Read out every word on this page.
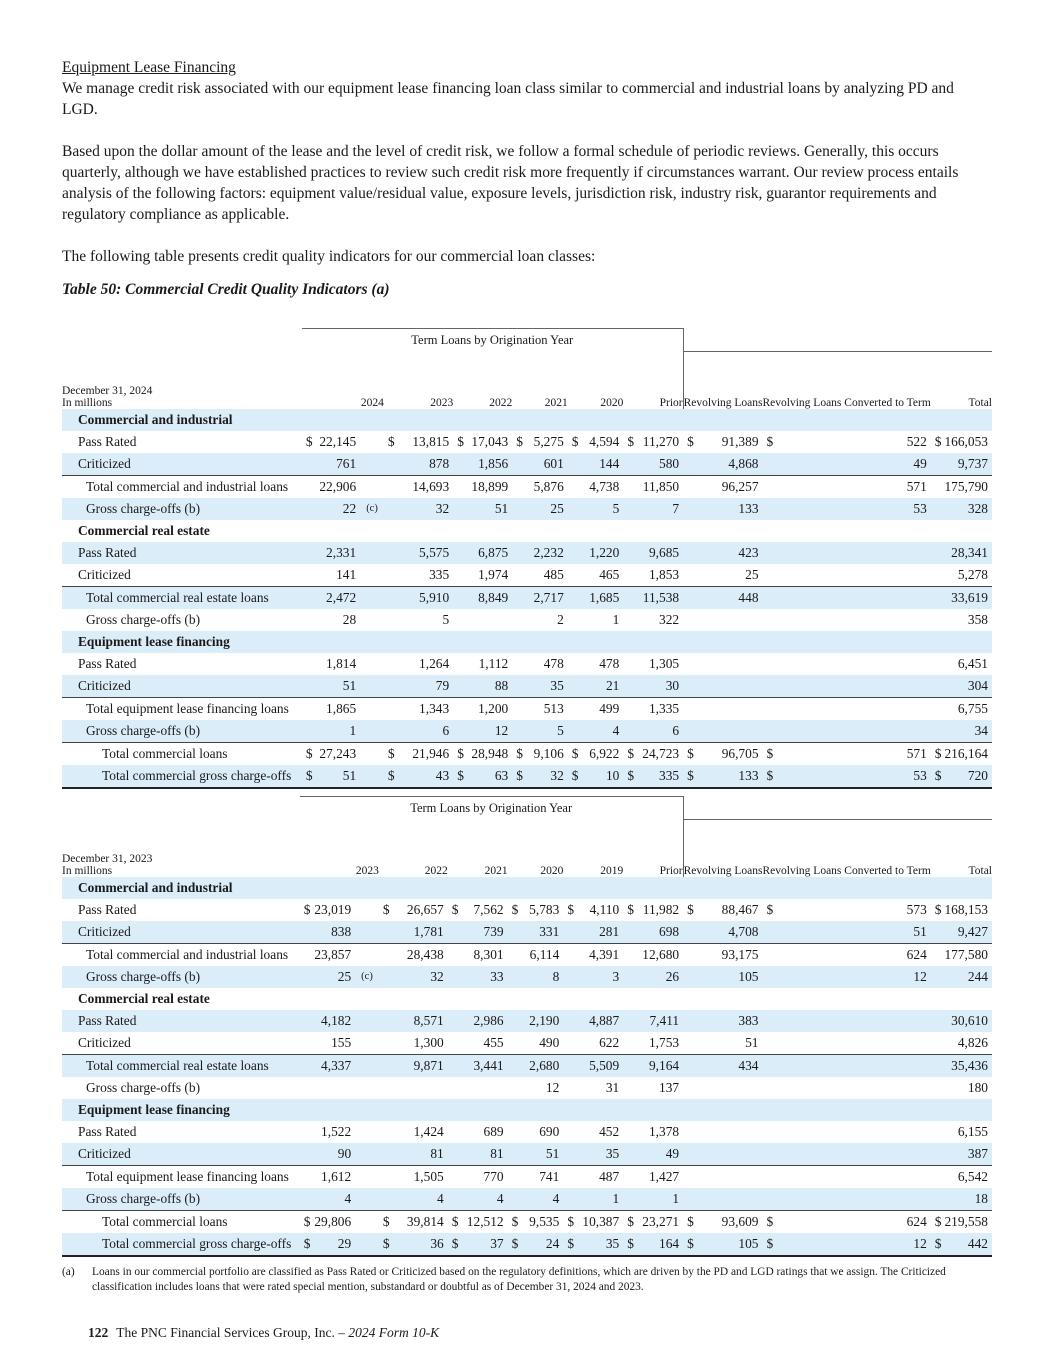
Equipment Lease Financing

We manage credit risk associated with our equipment lease financing loan class similar to commercial and industrial loans by analyzing PD and LGD.

Based upon the dollar amount of the lease and the level of credit risk, we follow a formal schedule of periodic reviews. Generally, this occurs quarterly, although we have established practices to review such credit risk more frequently if circumstances warrant. Our review process entails analysis of the following factors: equipment value/residual value, exposure levels, jurisdiction risk, industry risk, guarantor requirements and regulatory compliance as applicable.

The following table presents credit quality indicators for our commercial loan classes:

Table 50: Commercial Credit Quality Indicators (a)
	Term Loans by Origination Year																		

December 31, 2024
In millions	2024			2023		2022		2021		2020		Prior		Revolving Loans		Revolving Loans Converted to Term		Total	
Commercial and industrial																			
Pass Rated	$	22,145		$	13,815	$	17,043	$	5,275	$	4,594	$	11,270	$	91,389	$	522	$	166,053
Criticized		761			878		1,856		601		144		580		4,868		49		9,737
Total commercial and industrial loans		22,906			14,693		18,899		5,876		4,738		11,850		96,257		571		175,790
Gross charge-offs (b)		22	(c)		32		51		25		5		7		133		53		328
Commercial real estate																			
Pass Rated		2,331			5,575		6,875		2,232		1,220		9,685		423				28,341
Criticized		141			335		1,974		485		465		1,853		25				5,278
Total commercial real estate loans		2,472			5,910		8,849		2,717		1,685		11,538		448				33,619
Gross charge-offs (b)		28			5				2		1		322						358
Equipment lease financing																			
Pass Rated		1,814			1,264		1,112		478		478		1,305						6,451
Criticized		51			79		88		35		21		30						304
Total equipment lease financing loans		1,865			1,343		1,200		513		499		1,335						6,755
Gross charge-offs (b)		1			6		12		5		4		6						34
Total commercial loans	$	27,243		$	21,946	$	28,948	$	9,106	$	6,922	$	24,723	$	96,705	$	571	$	216,164
Total commercial gross charge-offs	$	51		$	43	$	63	$	32	$	10	$	335	$	133	$	53	$	720
	Term Loans by Origination Year																		

December 31, 2023
In millions	2023			2022		2021		2020		2019		Prior		Revolving Loans		Revolving Loans Converted to Term		Total	
Commercial and industrial																			
Pass Rated	$	23,019		$	26,657	$	7,562	$	5,783	$	4,110	$	11,982	$	88,467	$	573	$	168,153
Criticized		838			1,781		739		331		281		698		4,708		51		9,427
Total commercial and industrial loans		23,857			28,438		8,301		6,114		4,391		12,680		93,175		624		177,580
Gross charge-offs (b)		25	(c)		32		33		8		3		26		105		12		244
Commercial real estate																			
Pass Rated		4,182			8,571		2,986		2,190		4,887		7,411		383				30,610
Criticized		155			1,300		455		490		622		1,753		51				4,826
Total commercial real estate loans		4,337			9,871		3,441		2,680		5,509		9,164		434				35,436
Gross charge-offs (b)									12		31		137						180
Equipment lease financing																			
Pass Rated		1,522			1,424		689		690		452		1,378						6,155
Criticized		90			81		81		51		35		49						387
Total equipment lease financing loans		1,612			1,505		770		741		487		1,427						6,542
Gross charge-offs (b)		4			4		4		4		1		1						18
Total commercial loans	$	29,806		$	39,814	$	12,512	$	9,535	$	10,387	$	23,271	$	93,609	$	624	$	219,558
Total commercial gross charge-offs	$	29		$	36	$	37	$	24	$	35	$	164	$	105	$	12	$	442
(a)	Loans in our commercial portfolio are classified as Pass Rated or Criticized based on the regulatory definitions, which are driven by the PD and LGD ratings that we assign. The Criticized classification includes loans that were rated special mention, substandard or doubtful as of December 31, 2024 and 2023.
122 The PNC Financial Services Group, Inc. – 2024 Form 10-K
